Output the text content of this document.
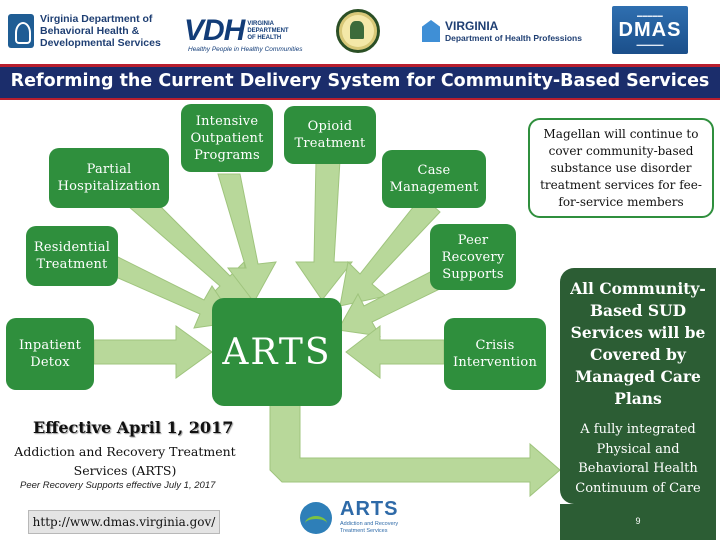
Virginia Department of
Behavioral Health &
Developmental Services VDH VIRGINIA
DEPARTMENT
OF HEALTH
Healthy People in Healthy Communities
VIRGINIA
Department of Health Professions
▬▬▬▬▬
DMAS
▬▬▬▬▬▬
Reforming the Current Delivery System for Community-Based Services
Partial
Hospitalization
Intensive
Outpatient
Programs
Opioid
Treatment
Case
Management
Residential
Treatment
Peer
Recovery
Supports
Inpatient
Detox
Crisis
Intervention
ARTS
Magellan will continue to cover community-based substance use disorder treatment services for fee-for-service members
All Community-
Based SUD
Services will be
Covered by
Managed Care
Plans
A fully integrated
Physical and
Behavioral Health
Continuum of Care
Effective April 1, 2017
Addiction and Recovery Treatment
Services (ARTS)
Peer Recovery Supports effective July 1, 2017
http://www.dmas.virginia.gov/
ARTS
Addiction and Recovery
Treatment Services
9
